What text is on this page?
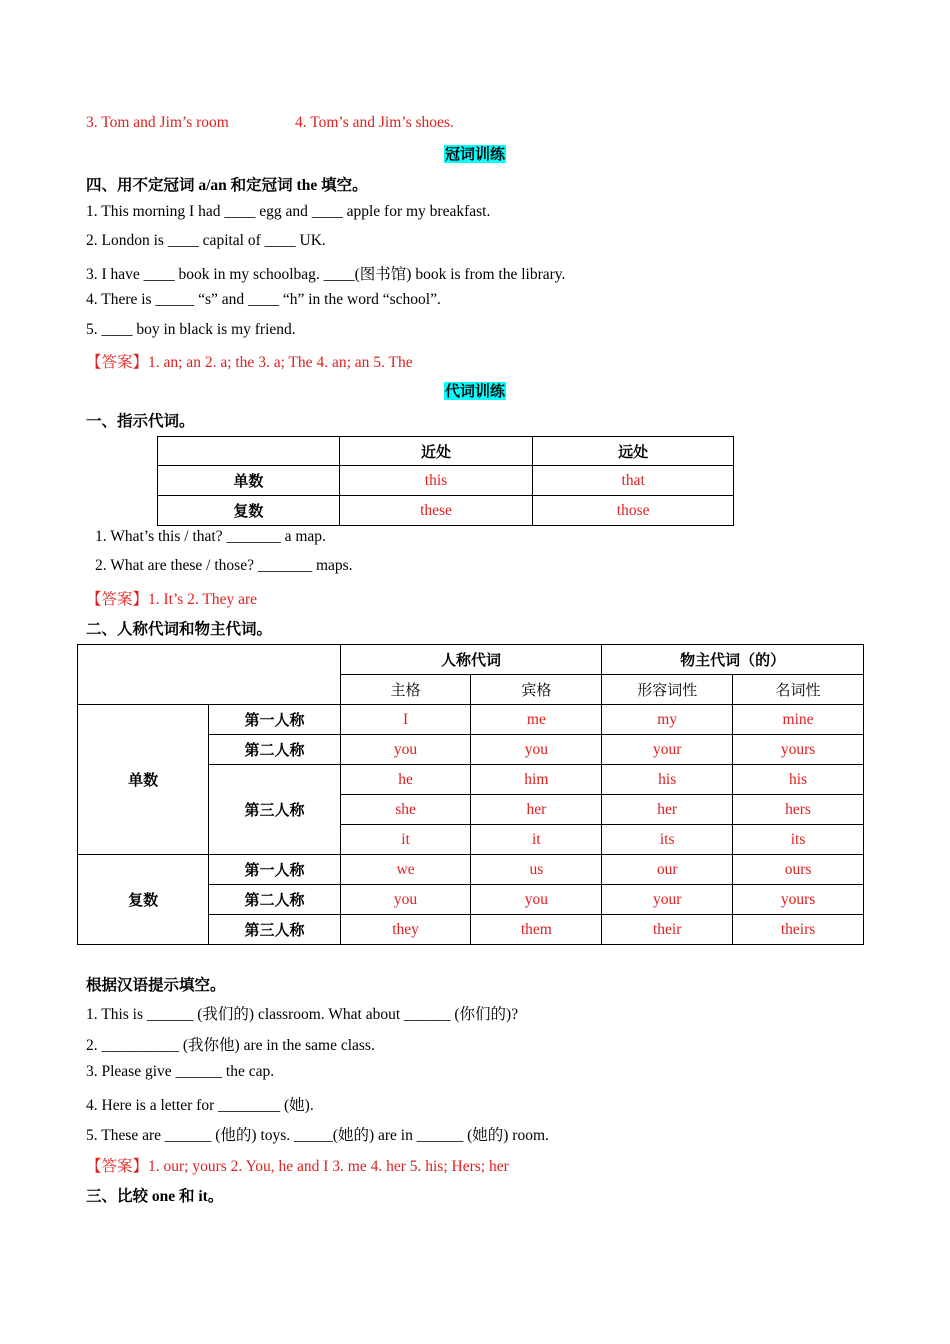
3. Tom and Jim’s room	4. Tom’s and Jim’s shoes.
冠词训练
四、用不定冠词 a/an 和定冠词 the 填空。
1. This morning I had ____ egg and ____ apple for my breakfast.
2. London is ____ capital of ____ UK.
3. I have ____ book in my schoolbag. ____(图书馆) book is from the library.
4. There is _____ “s” and ____ “h” in the word “school”.
5. ____ boy in black is my friend.
【答案】1. an; an 2. a; the 3. a; The 4. an; an 5. The
代词训练
一、指示代词。
	近处	远处
单数	this	that
复数	these	those
1. What’s this / that? _______ a map.
2. What are these / those? _______ maps.
【答案】1. It’s 2. They are
二、人称代词和物主代词。
		人称代词		物主代词（的）	
		主格	宾格	形容词性	名词性
单数	第一人称	I	me	my	mine
	第二人称	you	you	your	yours
	第三人称	he	him	his	his
		she	her	her	hers
		it	it	its	its
复数	第一人称	we	us	our	ours
	第二人称	you	you	your	yours
	第三人称	they	them	their	theirs
根据汉语提示填空。
1. This is ______ (我们的) classroom. What about ______ (你们的)?
2. __________ (我你他) are in the same class.
3. Please give ______ the cap.
4. Here is a letter for ________ (她).
5. These are ______ (他的) toys. _____(她的) are in ______ (她的) room.
【答案】1. our; yours 2. You, he and I 3. me 4. her 5. his; Hers; her
三、比较 one 和 it。
